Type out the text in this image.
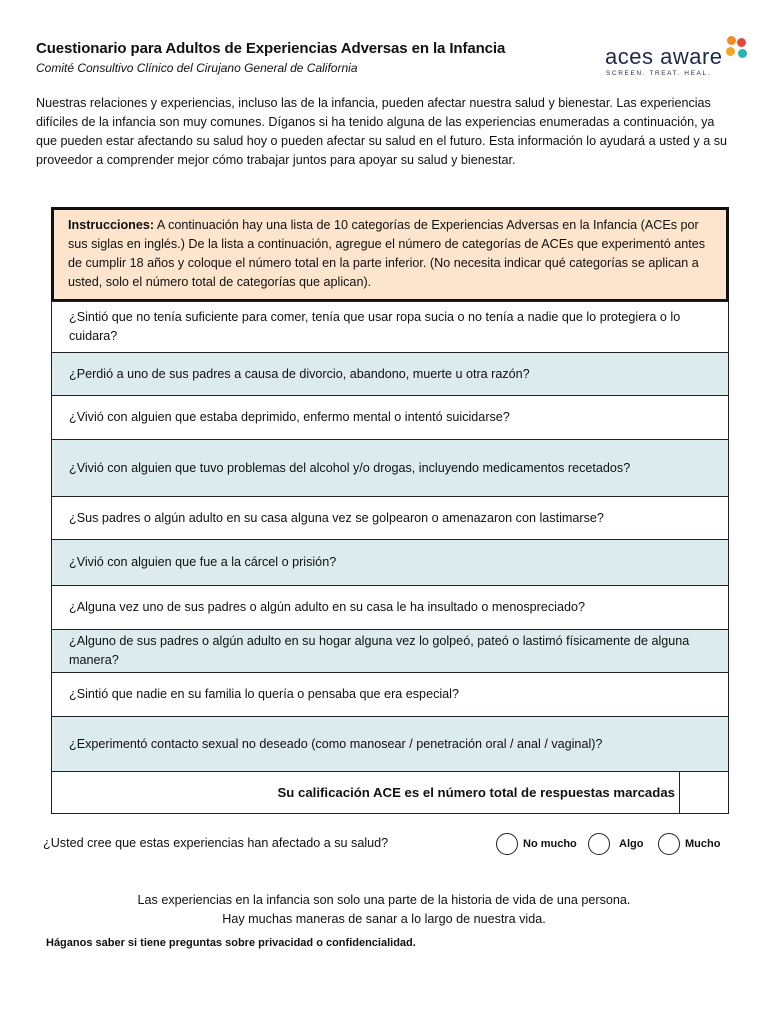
Cuestionario para Adultos de Experiencias Adversas en la Infancia
Comité Consultivo Clínico del Cirujano General de California	aces aware
SCREEN. TREAT. HEAL.
Nuestras relaciones y experiencias, incluso las de la infancia, pueden afectar nuestra salud y bienestar. Las experiencias difíciles de la infancia son muy comunes. Díganos si ha tenido alguna de las experiencias enumeradas a continuación, ya que pueden estar afectando su salud hoy o pueden afectar su salud en el futuro. Esta información lo ayudará a usted y a su proveedor a comprender mejor cómo trabajar juntos para apoyar su salud y bienestar.
Instrucciones: A continuación hay una lista de 10 categorías de Experiencias Adversas en la Infancia (ACEs por sus siglas en inglés.) De la lista a continuación, agregue el número de categorías de ACEs que experimentó antes de cumplir 18 años y coloque el número total en la parte inferior. (No necesita indicar qué categorías se aplican a usted, solo el número total de categorías que aplican).
¿Sintió que no tenía suficiente para comer, tenía que usar ropa sucia o no tenía a nadie que lo protegiera o lo cuidara?
¿Perdió a uno de sus padres a causa de divorcio, abandono, muerte u otra razón?
¿Vivió con alguien que estaba deprimido, enfermo mental o intentó suicidarse?
¿Vivió con alguien que tuvo problemas del alcohol y/o drogas, incluyendo medicamentos recetados?
¿Sus padres o algún adulto en su casa alguna vez se golpearon o amenazaron con lastimarse?
¿Vivió con alguien que fue a la cárcel o prisión?
¿Alguna vez uno de sus padres o algún adulto en su casa le ha insultado o menospreciado?
¿Alguno de sus padres o algún adulto en su hogar alguna vez lo golpeó, pateó o lastimó físicamente de alguna manera?
¿Sintió que nadie en su familia lo quería o pensaba que era especial?
¿Experimentó contacto sexual no deseado (como manosear / penetración oral / anal / vaginal)?
Su calificación ACE es el número total de respuestas marcadas
¿Usted cree que estas experiencias han afectado a su salud?	No mucho	Algo	Mucho
Las experiencias en la infancia son solo una parte de la historia de vida de una persona.
Hay muchas maneras de sanar a lo largo de nuestra vida.
Háganos saber si tiene preguntas sobre privacidad o confidencialidad.
